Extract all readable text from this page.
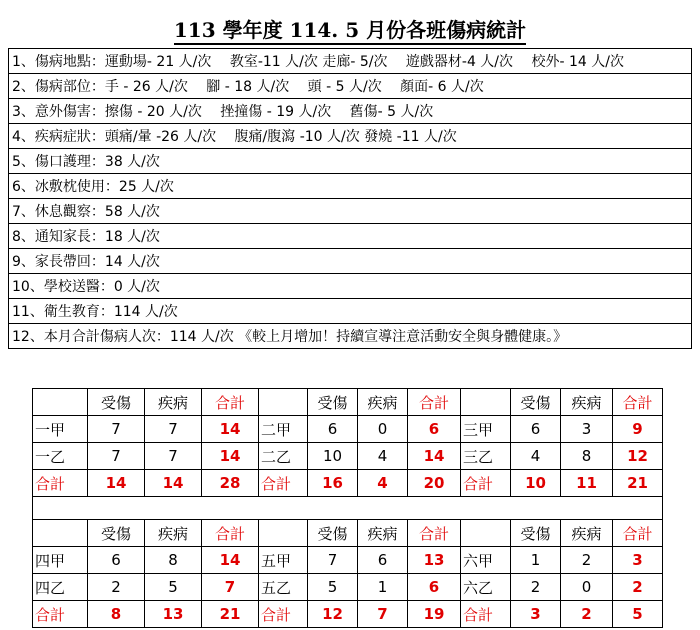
113 學年度 114. 5 月份各班傷病統計
1、傷病地點：運動場- 21 人/次　 教室-11 人/次 走廊- 5/次　 遊戲器材-4 人/次　 校外- 14 人/次
2、傷病部位：手 - 26 人/次　 腳 - 18 人/次　 頭 - 5 人/次　 顏面- 6 人/次
3、意外傷害：擦傷 - 20 人/次　 挫撞傷 - 19 人/次　 舊傷- 5 人/次
4、疾病症狀：頭痛/暈 -26 人/次　 腹痛/腹瀉 -10 人/次 發燒 -11 人/次
5、傷口護理：38 人/次
6、冰敷枕使用：25 人/次
7、休息觀察：58 人/次
8、通知家長：18 人/次
9、家長帶回：14 人/次
10、學校送醫：0 人/次
11、衛生教育：114 人/次
12、本月合計傷病人次：114 人/次 《較上月增加！持續宣導注意活動安全與身體健康。》
	受傷	疾病	合計		受傷	疾病	合計		受傷	疾病	合計
一甲	7	7	14	二甲	6	0	6	三甲	6	3	9
一乙	7	7	14	二乙	10	4	14	三乙	4	8	12
合計	14	14	28	合計	16	4	20	合計	10	11	21

	受傷	疾病	合計		受傷	疾病	合計		受傷	疾病	合計
四甲	6	8	14	五甲	7	6	13	六甲	1	2	3
四乙	2	5	7	五乙	5	1	6	六乙	2	0	2
合計	8	13	21	合計	12	7	19	合計	3	2	5
